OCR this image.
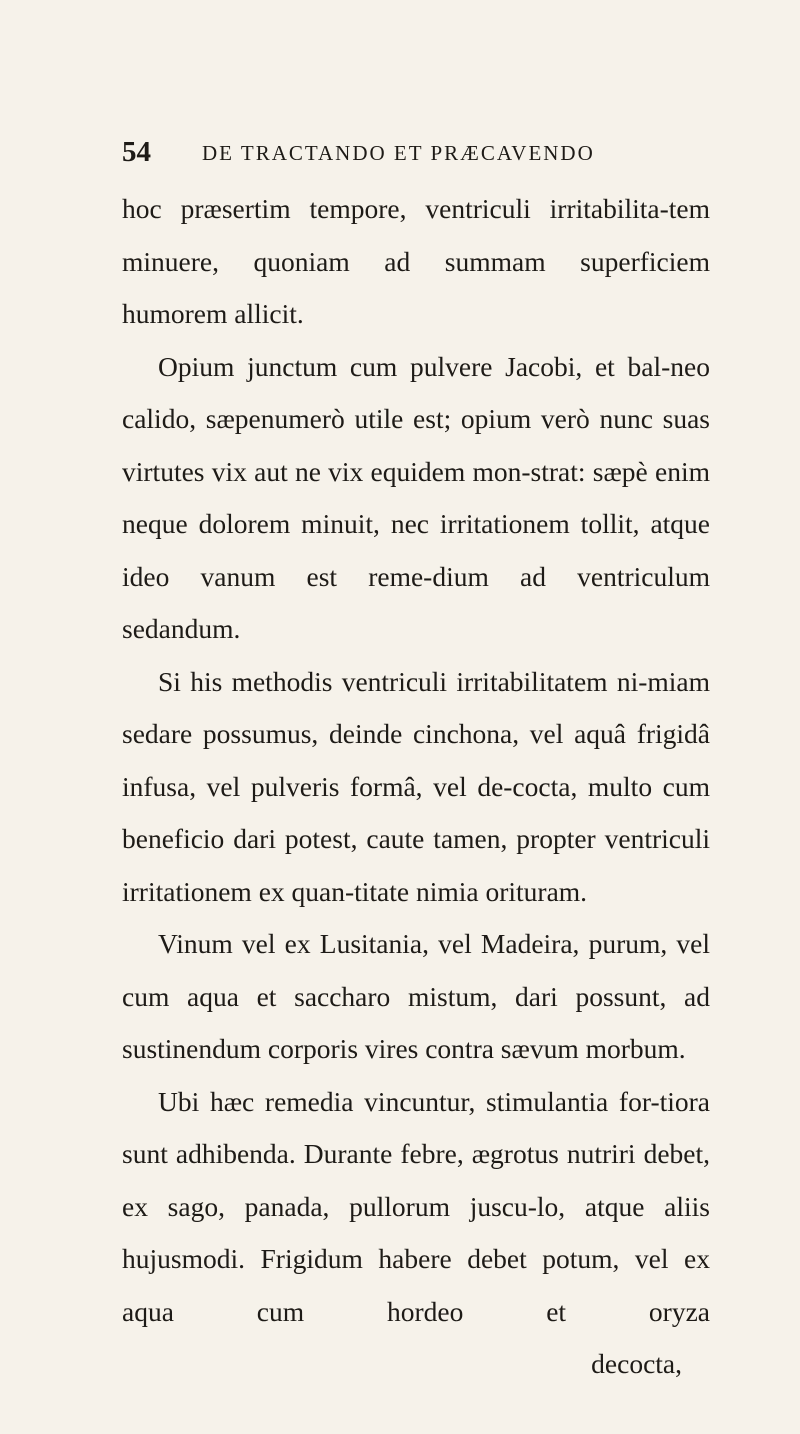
54 DE TRACTANDO ET PRÆCAVENDO

hoc præsertim tempore, ventriculi irritabilita-tem minuere, quoniam ad summam superficiem humorem allicit.

Opium junctum cum pulvere Jacobi, et bal-neo calido, sæpenumerò utile est; opium verò nunc suas virtutes vix aut ne vix equidem mon-strat: sæpè enim neque dolorem minuit, nec irritationem tollit, atque ideo vanum est reme-dium ad ventriculum sedandum.

Si his methodis ventriculi irritabilitatem ni-miam sedare possumus, deinde cinchona, vel aquâ frigidâ infusa, vel pulveris formâ, vel de-cocta, multo cum beneficio dari potest, caute tamen, propter ventriculi irritationem ex quan-titate nimia orituram.

Vinum vel ex Lusitania, vel Madeira, purum, vel cum aqua et saccharo mistum, dari possunt, ad sustinendum corporis vires contra sævum morbum.

Ubi hæc remedia vincuntur, stimulantia for-tiora sunt adhibenda. Durante febre, ægrotus nutriri debet, ex sago, panada, pullorum juscu-lo, atque aliis hujusmodi. Frigidum habere debet potum, vel ex aqua cum hordeo et oryza

decocta,
